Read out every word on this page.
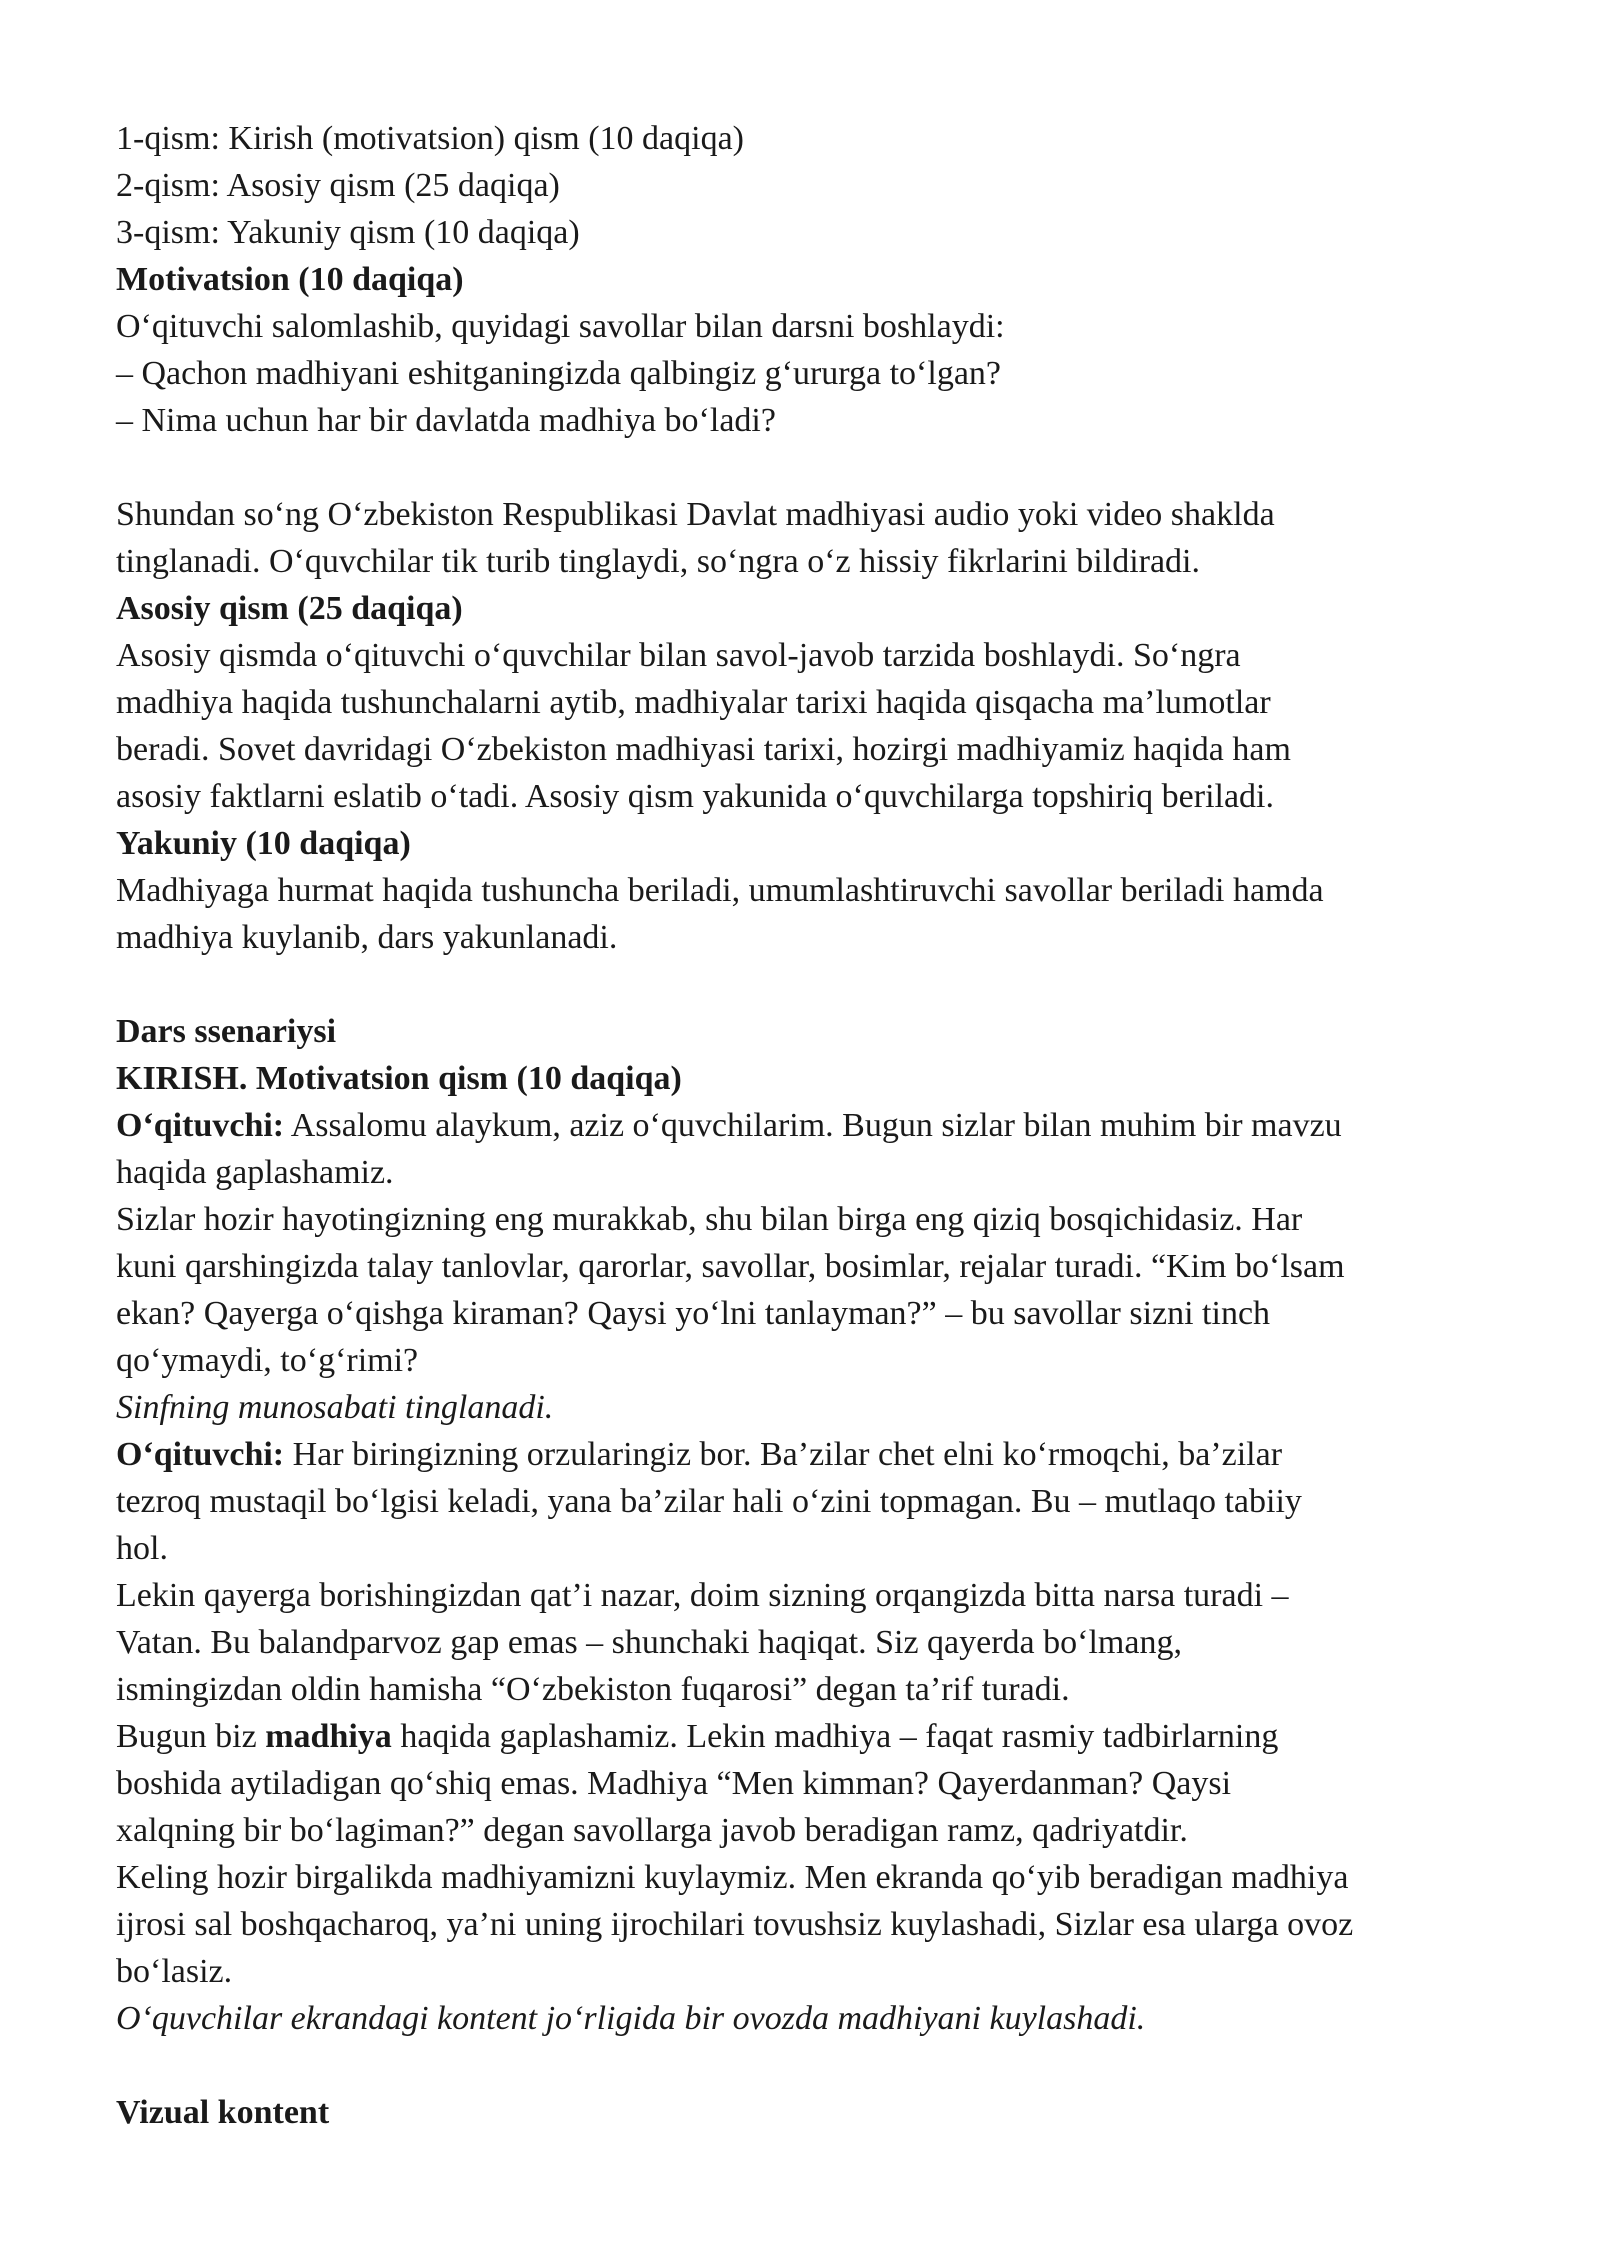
1-qism: Kirish (motivatsion) qism (10 daqiqa)
2-qism: Asosiy qism (25 daqiqa)
3-qism: Yakuniy qism (10 daqiqa)
Motivatsion (10 daqiqa)
O‘qituvchi salomlashib, quyidagi savollar bilan darsni boshlaydi:
– Qachon madhiyani eshitganingizda qalbingiz g‘ururga to‘lgan?
– Nima uchun har bir davlatda madhiya bo‘ladi?
Shundan so‘ng O‘zbekiston Respublikasi Davlat madhiyasi audio yoki video shaklda
tinglanadi. O‘quvchilar tik turib tinglaydi, so‘ngra o‘z hissiy fikrlarini bildiradi.
Asosiy qism (25 daqiqa)
Asosiy qismda o‘qituvchi o‘quvchilar bilan savol-javob tarzida boshlaydi. So‘ngra
madhiya haqida tushunchalarni aytib, madhiyalar tarixi haqida qisqacha ma’lumotlar
beradi. Sovet davridagi O‘zbekiston madhiyasi tarixi, hozirgi madhiyamiz haqida ham
asosiy faktlarni eslatib o‘tadi. Asosiy qism yakunida o‘quvchilarga topshiriq beriladi.
Yakuniy (10 daqiqa)
Madhiyaga hurmat haqida tushuncha beriladi, umumlashtiruvchi savollar beriladi hamda
madhiya kuylanib, dars yakunlanadi.
Dars ssenariysi
KIRISH. Motivatsion qism (10 daqiqa)
O‘qituvchi: Assalomu alaykum, aziz o‘quvchilarim. Bugun sizlar bilan muhim bir mavzu
haqida gaplashamiz.
Sizlar hozir hayotingizning eng murakkab, shu bilan birga eng qiziq bosqichidasiz. Har
kuni qarshingizda talay tanlovlar, qarorlar, savollar, bosimlar, rejalar turadi. “Kim bo‘lsam
ekan? Qayerga o‘qishga kiraman? Qaysi yo‘lni tanlayman?” – bu savollar sizni tinch
qo‘ymaydi, to‘g‘rimi?
Sinfning munosabati tinglanadi.
O‘qituvchi: Har biringizning orzularingiz bor. Ba’zilar chet elni ko‘rmoqchi, ba’zilar
tezroq mustaqil bo‘lgisi keladi, yana ba’zilar hali o‘zini topmagan. Bu – mutlaqo tabiiy
hol.
Lekin qayerga borishingizdan qat’i nazar, doim sizning orqangizda bitta narsa turadi –
Vatan. Bu balandparvoz gap emas – shunchaki haqiqat. Siz qayerda bo‘lmang,
ismingizdan oldin hamisha “O‘zbekiston fuqarosi” degan ta’rif turadi.
Bugun biz madhiya haqida gaplashamiz. Lekin madhiya – faqat rasmiy tadbirlarning
boshida aytiladigan qo‘shiq emas. Madhiya “Men kimman? Qayerdanman? Qaysi
xalqning bir bo‘lagiman?” degan savollarga javob beradigan ramz, qadriyatdir.
Keling hozir birgalikda madhiyamizni kuylaymiz. Men ekranda qo‘yib beradigan madhiya
ijrosi sal boshqacharoq, ya’ni uning ijrochilari tovushsiz kuylashadi, Sizlar esa ularga ovoz
bo‘lasiz.
O‘quvchilar ekrandagi kontent jo‘rligida bir ovozda madhiyani kuylashadi.
Vizual kontent
